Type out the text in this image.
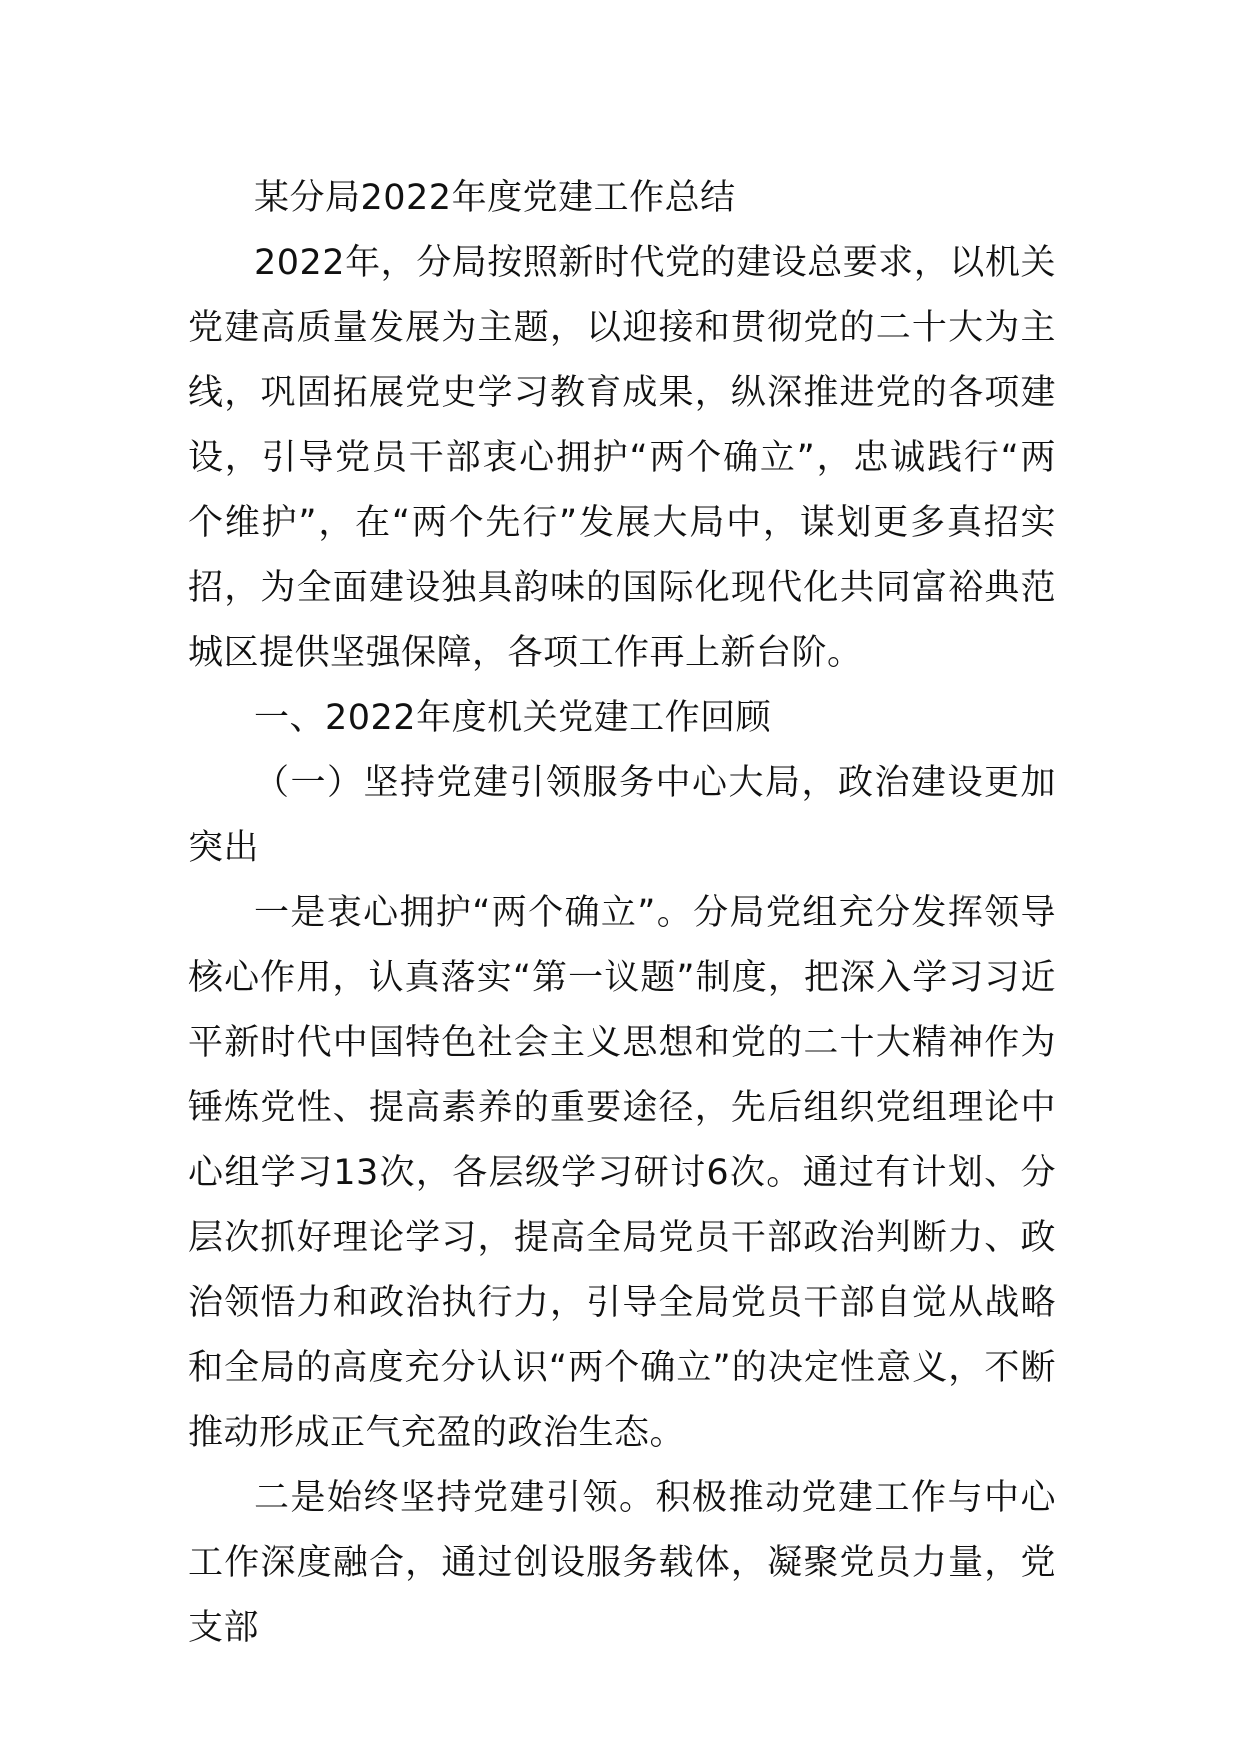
某分局2022年度党建工作总结

2022年，分局按照新时代党的建设总要求，以机关党建高质量发展为主题，以迎接和贯彻党的二十大为主线，巩固拓展党史学习教育成果，纵深推进党的各项建设，引导党员干部衷心拥护“两个确立”，忠诚践行“两个维护”，在“两个先行”发展大局中，谋划更多真招实招，为全面建设独具韵味的国际化现代化共同富裕典范城区提供坚强保障，各项工作再上新台阶。

一、2022年度机关党建工作回顾

（一）坚持党建引领服务中心大局，政治建设更加突出

一是衷心拥护“两个确立”。分局党组充分发挥领导核心作用，认真落实“第一议题”制度，把深入学习习近平新时代中国特色社会主义思想和党的二十大精神作为锤炼党性、提高素养的重要途径，先后组织党组理论中心组学习13次，各层级学习研讨6次。通过有计划、分层次抓好理论学习，提高全局党员干部政治判断力、政治领悟力和政治执行力，引导全局党员干部自觉从战略和全局的高度充分认识“两个确立”的决定性意义，不断推动形成正气充盈的政治生态。

二是始终坚持党建引领。积极推动党建工作与中心工作深度融合，通过创设服务载体，凝聚党员力量，党支部
